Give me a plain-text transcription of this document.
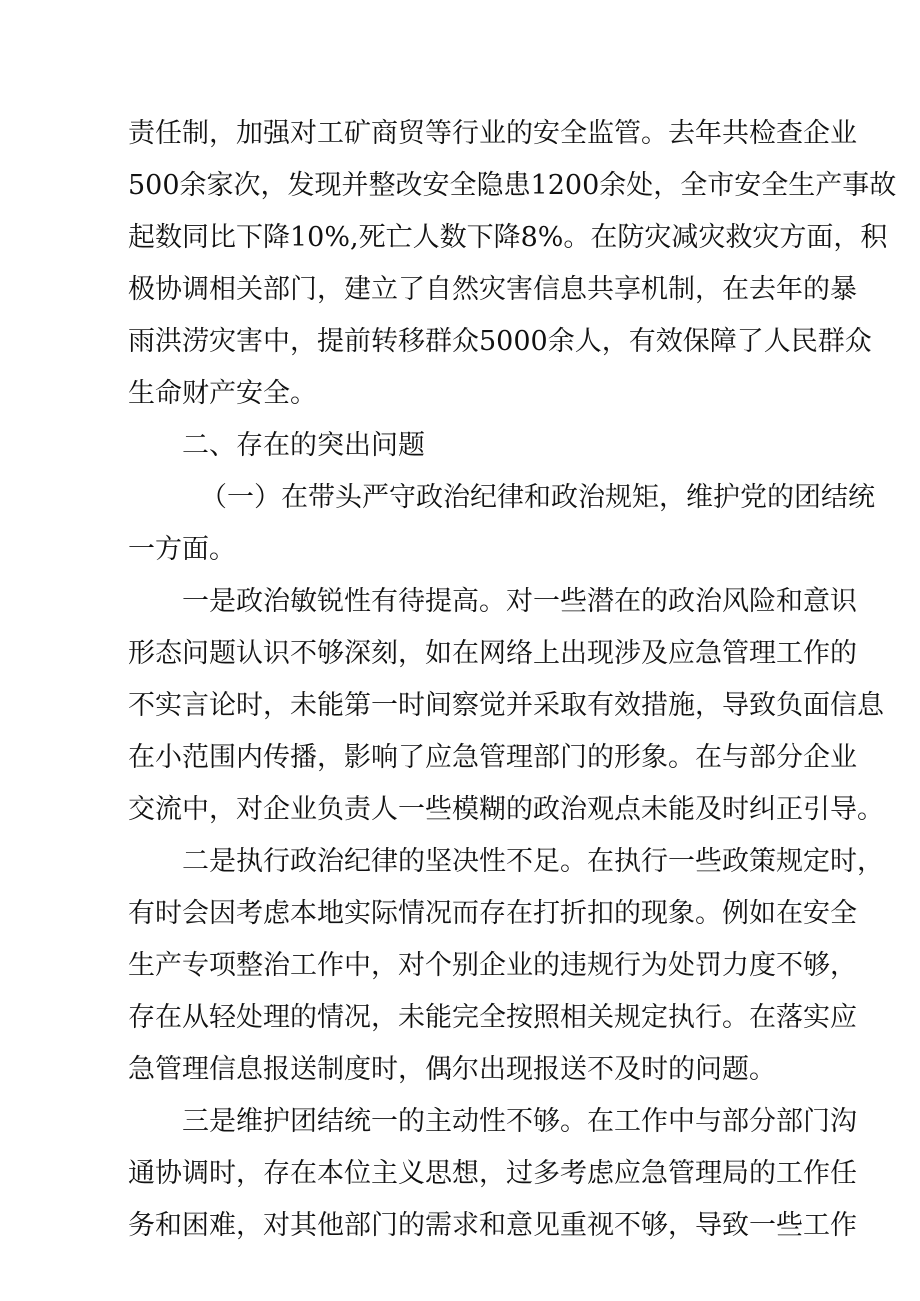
责任制，加强对工矿商贸等行业的安全监管。去年共检查企业
500余家次，发现并整改安全隐患1200余处，全市安全生产事故
起数同比下降10%,死亡人数下降8%。在防灾减灾救灾方面，积
极协调相关部门，建立了自然灾害信息共享机制，在去年的暴
雨洪涝灾害中，提前转移群众5000余人，有效保障了人民群众
生命财产安全。
二、存在的突出问题
（一）在带头严守政治纪律和政治规矩，维护党的团结统
一方面。
一是政治敏锐性有待提高。对一些潜在的政治风险和意识
形态问题认识不够深刻，如在网络上出现涉及应急管理工作的
不实言论时，未能第一时间察觉并采取有效措施，导致负面信息
在小范围内传播，影响了应急管理部门的形象。在与部分企业
交流中，对企业负责人一些模糊的政治观点未能及时纠正引导。
二是执行政治纪律的坚决性不足。在执行一些政策规定时，
有时会因考虑本地实际情况而存在打折扣的现象。例如在安全
生产专项整治工作中，对个别企业的违规行为处罚力度不够，
存在从轻处理的情况，未能完全按照相关规定执行。在落实应
急管理信息报送制度时，偶尔出现报送不及时的问题。
三是维护团结统一的主动性不够。在工作中与部分部门沟
通协调时，存在本位主义思想，过多考虑应急管理局的工作任
务和困难，对其他部门的需求和意见重视不够，导致一些工作
